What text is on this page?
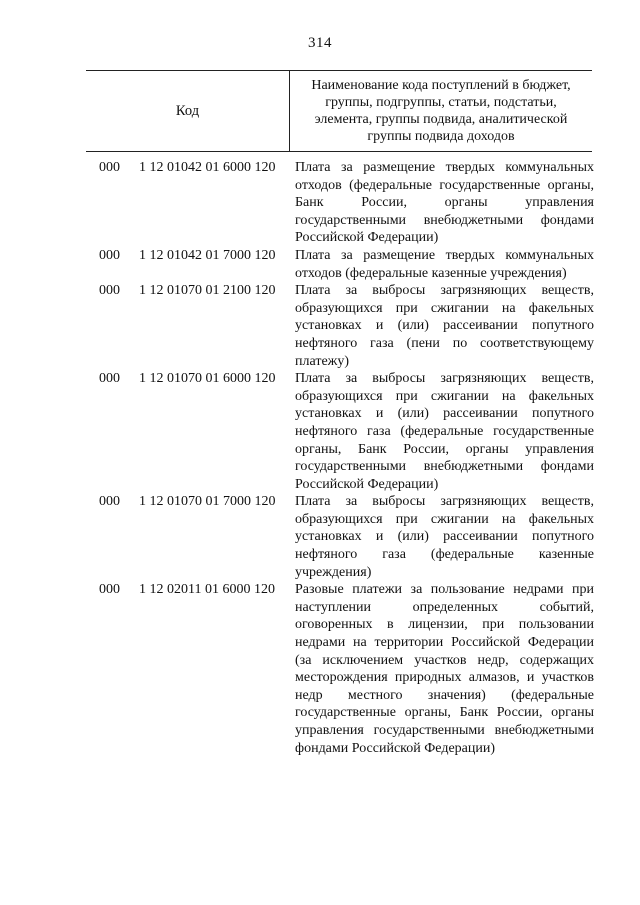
314
Код
Наименование кода поступлений в бюджет, группы, подгруппы, статьи, подстатьи, элемента, группы подвида, аналитической группы подвида доходов
000	1 12 01042 01 6000 120	Плата за размещение твердых коммунальных отходов (федеральные государственные органы, Банк России, органы управления государственными внебюджетными фондами Российской Федерации)
000	1 12 01042 01 7000 120	Плата за размещение твердых коммунальных отходов (федеральные казенные учреждения)
000	1 12 01070 01 2100 120	Плата за выбросы загрязняющих веществ, образующихся при сжигании на факельных установках и (или) рассеивании попутного нефтяного газа (пени по соответствующему платежу)
000	1 12 01070 01 6000 120	Плата за выбросы загрязняющих веществ, образующихся при сжигании на факельных установках и (или) рассеивании попутного нефтяного газа (федеральные государственные органы, Банк России, органы управления государственными внебюджетными фондами Российской Федерации)
000	1 12 01070 01 7000 120	Плата за выбросы загрязняющих веществ, образующихся при сжигании на факельных установках и (или) рассеивании попутного нефтяного газа (федеральные казенные учреждения)
000	1 12 02011 01 6000 120	Разовые платежи за пользование недрами при наступлении определенных событий, оговоренных в лицензии, при пользовании недрами на территории Российской Федерации (за исключением участков недр, содержащих месторождения природных алмазов, и участков недр местного значения) (федеральные государственные органы, Банк России, органы управления государственными внебюджетными фондами Российской Федерации)
